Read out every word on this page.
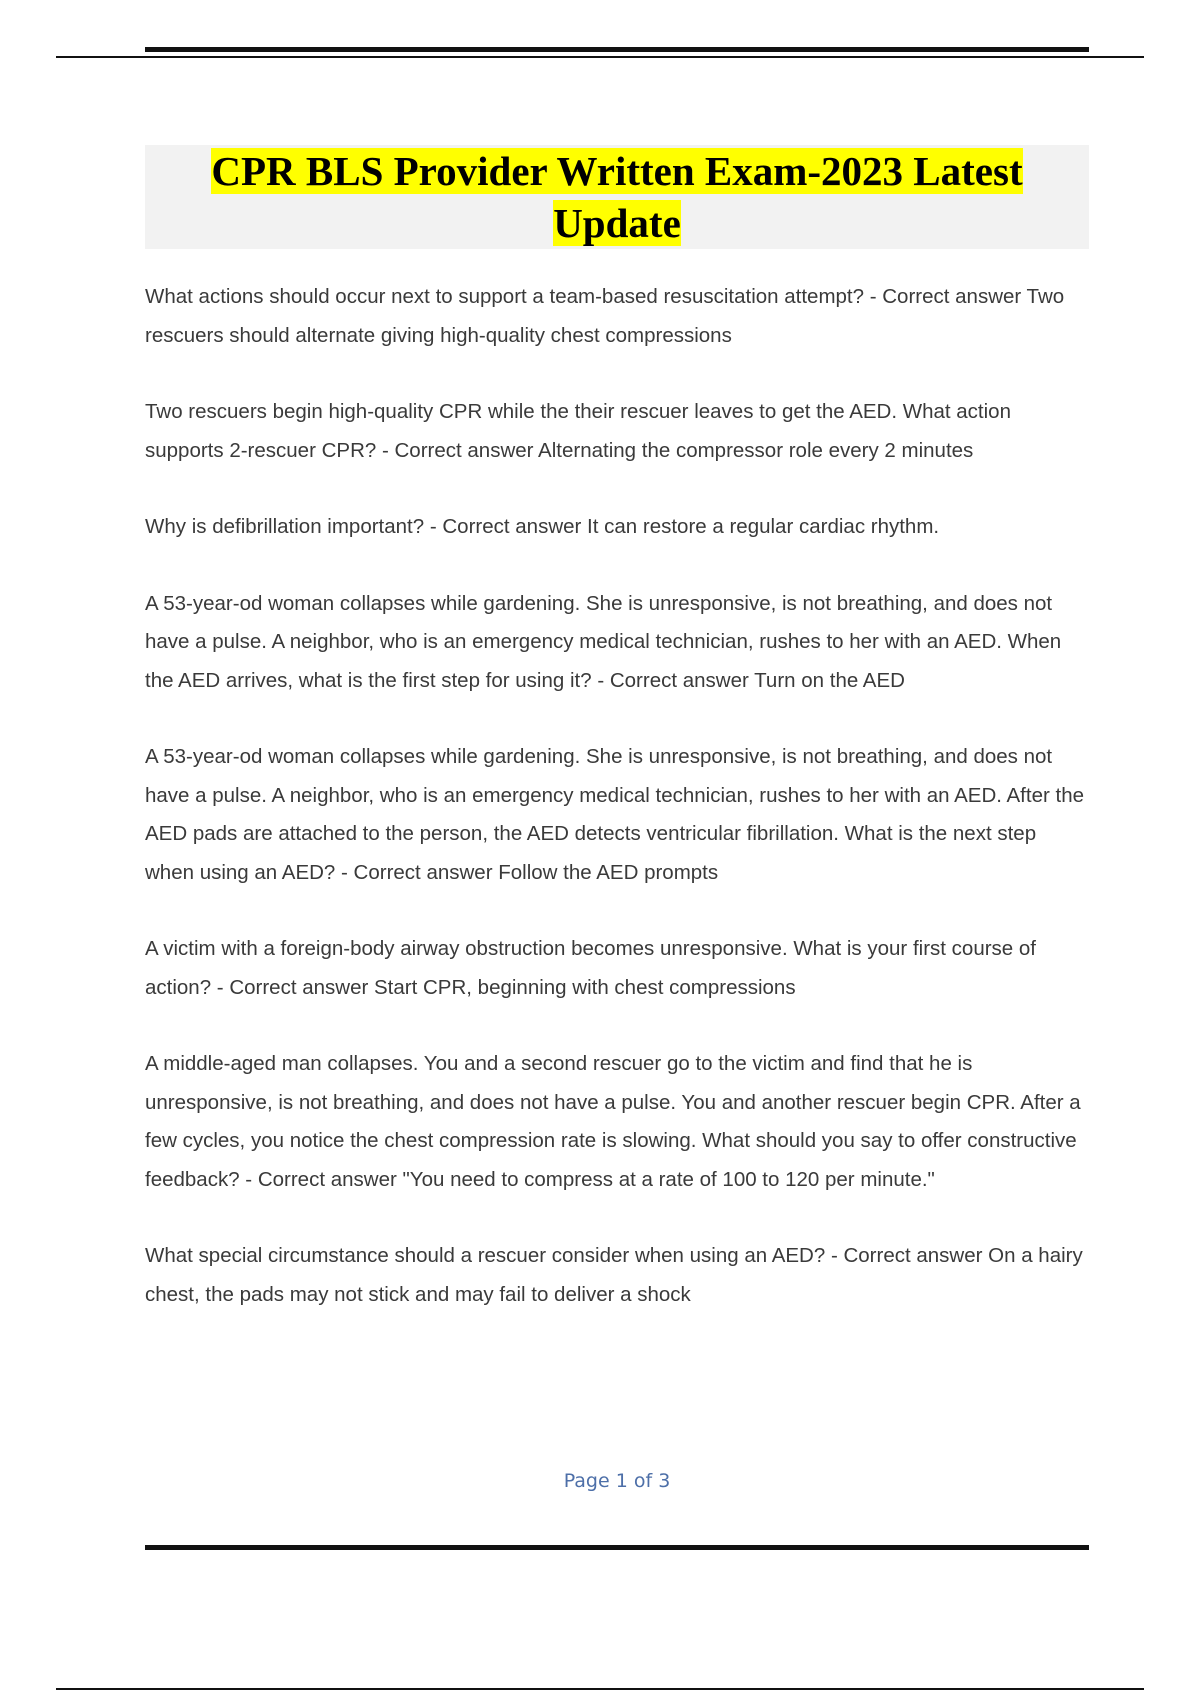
CPR BLS Provider Written Exam-2023 Latest Update

What actions should occur next to support a team-based resuscitation attempt? - Correct answer Two rescuers should alternate giving high-quality chest compressions

Two rescuers begin high-quality CPR while the their rescuer leaves to get the AED. What action supports 2-rescuer CPR? - Correct answer Alternating the compressor role every 2 minutes

Why is defibrillation important? - Correct answer It can restore a regular cardiac rhythm.

A 53-year-od woman collapses while gardening. She is unresponsive, is not breathing, and does not have a pulse. A neighbor, who is an emergency medical technician, rushes to her with an AED. When the AED arrives, what is the first step for using it? - Correct answer Turn on the AED

A 53-year-od woman collapses while gardening. She is unresponsive, is not breathing, and does not have a pulse. A neighbor, who is an emergency medical technician, rushes to her with an AED. After the AED pads are attached to the person, the AED detects ventricular fibrillation. What is the next step when using an AED? - Correct answer Follow the AED prompts

A victim with a foreign-body airway obstruction becomes unresponsive. What is your first course of action? - Correct answer Start CPR, beginning with chest compressions

A middle-aged man collapses. You and a second rescuer go to the victim and find that he is unresponsive, is not breathing, and does not have a pulse. You and another rescuer begin CPR. After a few cycles, you notice the chest compression rate is slowing. What should you say to offer constructive feedback? - Correct answer "You need to compress at a rate of 100 to 120 per minute."

What special circumstance should a rescuer consider when using an AED? - Correct answer On a hairy chest, the pads may not stick and may fail to deliver a shock

Page 1 of 3
